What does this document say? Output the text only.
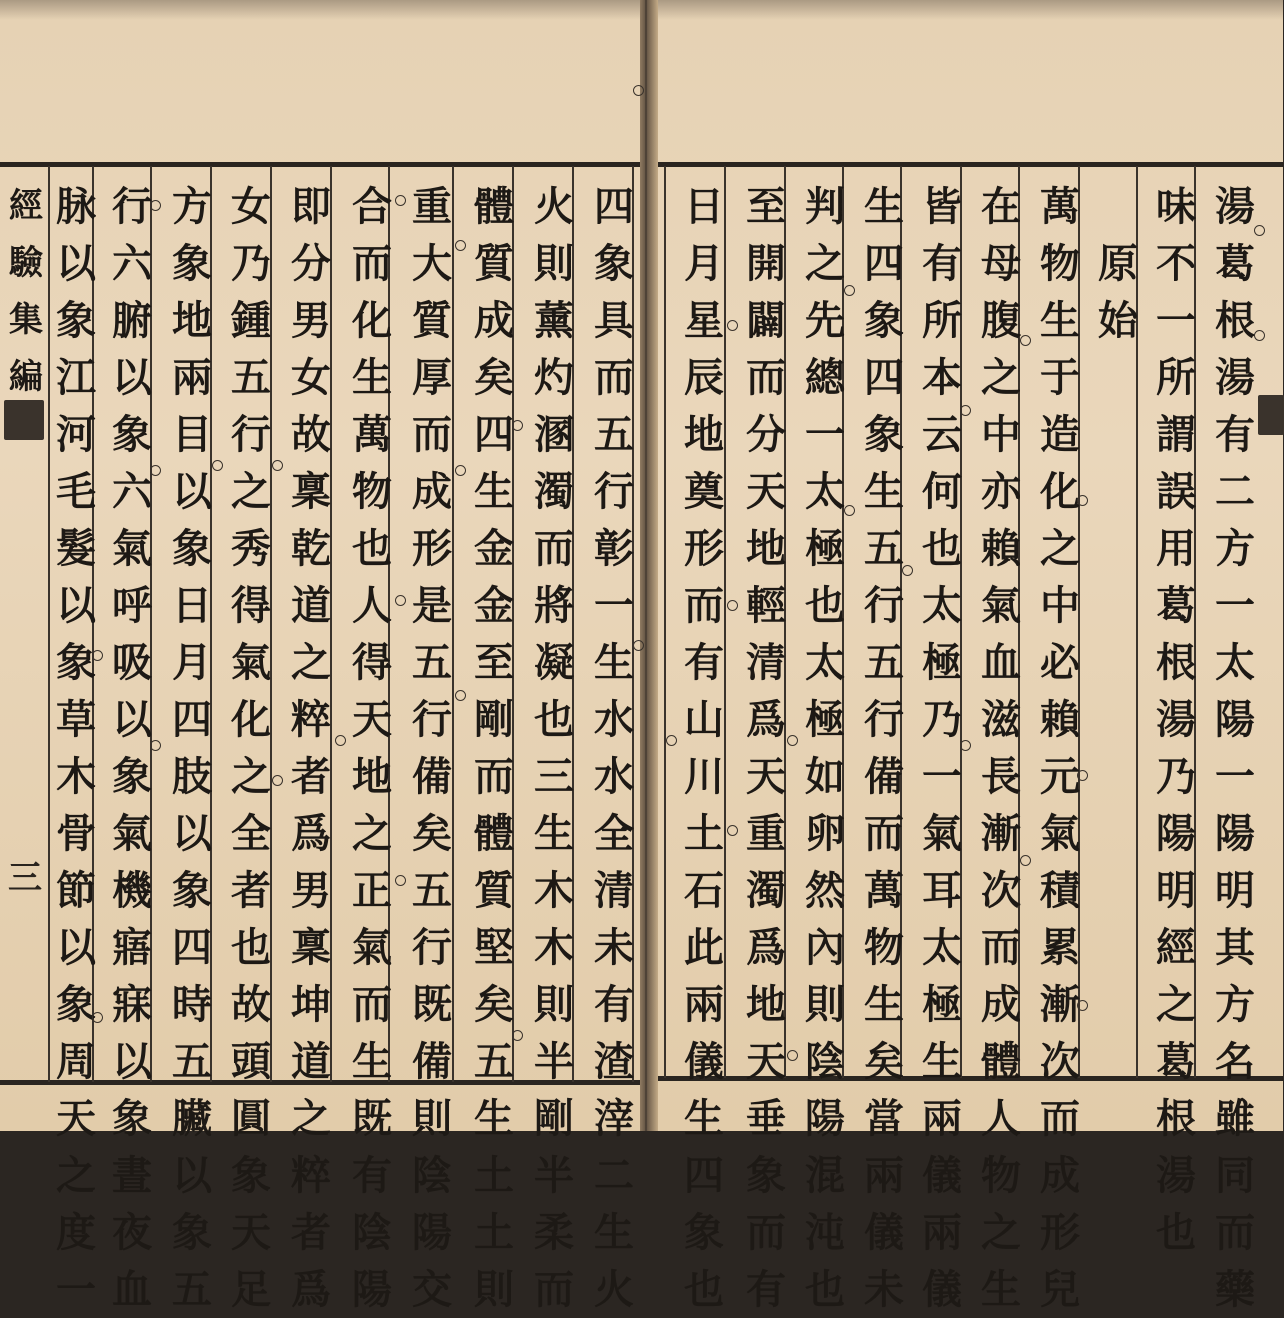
湯
葛
根
湯
有
二
方
一
太
陽
一
陽
明
其
方
名
雖
同
而
藥
味
不
一
所
謂
誤
用
葛
根
湯
乃
陽
明
經
之
葛
根
湯
也
原
始
萬
物
生
于
造
化
之
中
必
賴
元
氣
積
累
漸
次
而
成
形
兒
在
母
腹
之
中
亦
賴
氣
血
滋
長
漸
次
而
成
體
人
物
之
生
皆
有
所
本
云
何
也
太
極
乃
一
氣
耳
太
極
生
兩
儀
兩
儀
生
四
象
四
象
生
五
行
五
行
備
而
萬
物
生
矣
當
兩
儀
未
判
之
先
總
一
太
極
也
太
極
如
卵
然
內
則
陰
陽
混
沌
也
至
開
闢
而
分
天
地
輕
清
爲
天
重
濁
爲
地
天
垂
象
而
有
日
月
星
辰
地
奠
形
而
有
山
川
土
石
此
兩
儀
生
四
象
也
經
驗
集
編
三
四
象
具
而
五
行
彰
一
生
水
水
全
清
未
有
渣
滓
二
生
火
火
則
薰
灼
溷
濁
而
將
凝
也
三
生
木
木
則
半
剛
半
柔
而
體
質
成
矣
四
生
金
金
至
剛
而
體
質
堅
矣
五
生
土
土
則
重
大
質
厚
而
成
形
是
五
行
備
矣
五
行
既
備
則
陰
陽
交
合
而
化
生
萬
物
也
人
得
天
地
之
正
氣
而
生
既
有
陰
陽
即
分
男
女
故
稟
乾
道
之
粹
者
爲
男
稟
坤
道
之
粹
者
爲
女
乃
鍾
五
行
之
秀
得
氣
化
之
全
者
也
故
頭
圓
象
天
足
方
象
地
兩
目
以
象
日
月
四
肢
以
象
四
時
五
臟
以
象
五
行
六
腑
以
象
六
氣
呼
吸
以
象
氣
機
寤
寐
以
象
晝
夜
血
脉
以
象
江
河
毛
髮
以
象
草
木
骨
節
以
象
周
天
之
度
一
